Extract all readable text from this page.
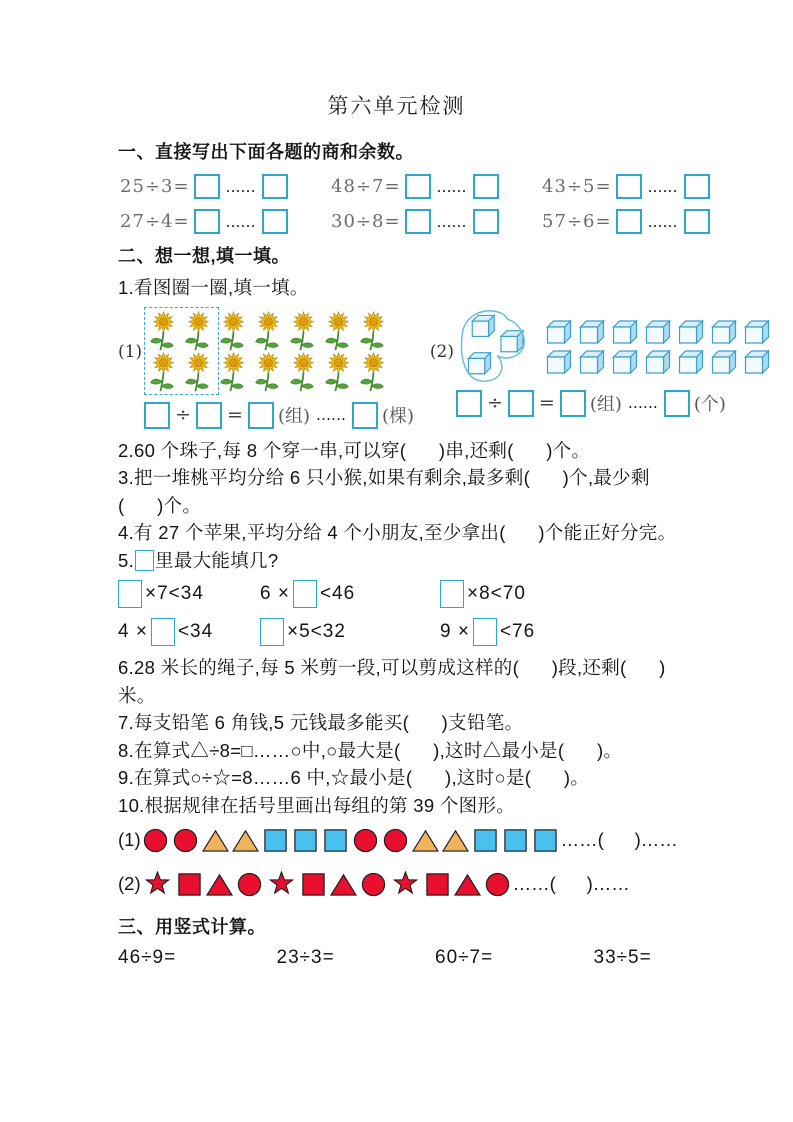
第六单元检测
一、直接写出下面各题的商和余数。
25÷3= ……	48÷7= ……	43÷5= ……
27÷4= ……	30÷8= ……	57÷6= ……
二、想一想,填一填。
1.看图圈一圈,填一填。
(1)
÷ = (组) …… (棵)
(2)
÷ = (组) …… (个)
2.60 个珠子,每 8 个穿一串,可以穿(      )串,还剩(      )个。
3.把一堆桃平均分给 6 只小猴,如果有剩余,最多剩(      )个,最少剩
(      )个。
4.有 27 个苹果,平均分给 4 个小朋友,至少拿出(      )个能正好分完。
5. 里最大能填几?
×7<34	6 × <46	×8<70
4 × <34	×5<32	9 × <76
6.28 米长的绳子,每 5 米剪一段,可以剪成这样的(      )段,还剩(      )
米。
7.每支铅笔 6 角钱,5 元钱最多能买(      )支铅笔。
8.在算式△÷8=□……○中,○最大是(      ),这时△最小是(      )。
9.在算式○÷☆=8……6 中,☆最小是(      ),这时○是(      )。
10.根据规律在括号里画出每组的第 39 个图形。
(1)	……(      )……
(2)	……(      )……
三、用竖式计算。
46÷9=	23÷3=	60÷7=	33÷5=
